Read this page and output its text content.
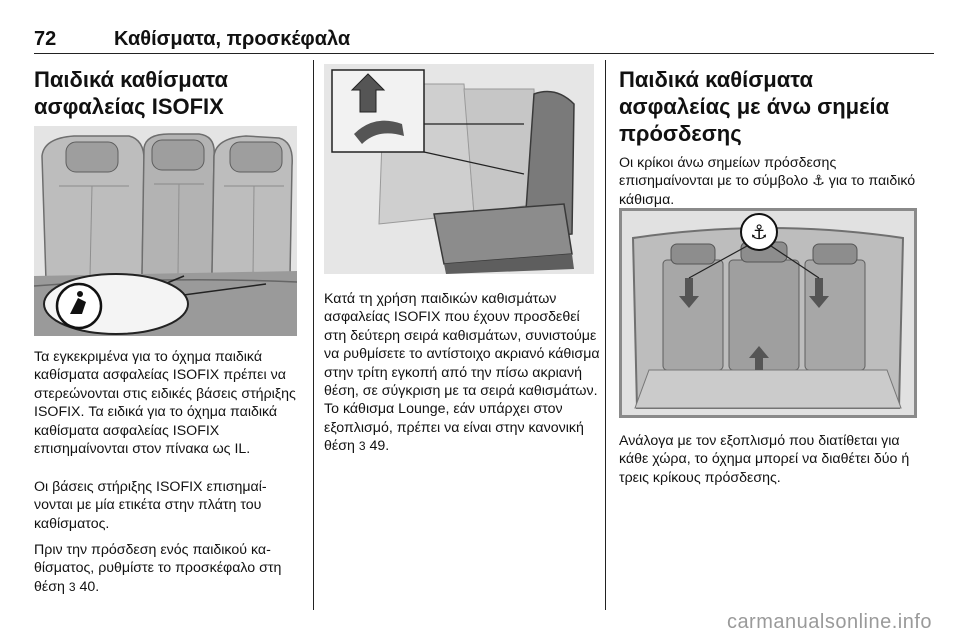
72	Καθίσματα, προσκέφαλα
Παιδικά καθίσματα
ασφαλείας ISOFIX

Τα εγκεκριμένα για το όχημα παιδικά καθίσματα ασφαλείας ISOFIX πρέπει να στερεώνονται στις ειδικές βάσεις στήριξης ISOFIX. Τα ειδικά για το όχημα παιδικά καθίσματα ασφαλείας ISOFIX επισημαίνονται στον πίνακα ως IL.

Οι βάσεις στήριξης ISOFIX επισημαίνονται με μία ετικέτα στην πλάτη του καθίσματος.

Πριν την πρόσδεση ενός παιδικού καθίσματος, ρυθμίστε το προσκέφαλο στη θέση 3 40.

Κατά τη χρήση παιδικών καθισμάτων ασφαλείας ISOFIX που έχουν προσδεθεί στη δεύτερη σειρά καθισμάτων, συνιστούμε να ρυθμίσετε το αντίστοιχο ακριανό κάθισμα στην τρίτη εγκοπή από την πίσω ακριανή θέση, σε σύγκριση με τα σειρά καθισμάτων. Το κάθισμα Lounge, εάν υπάρχει στον εξοπλισμό, πρέπει να είναι στην κανονική θέση 3 49.

Παιδικά καθίσματα
ασφαλείας με άνω σημεία
πρόσδεσης

Οι κρίκοι άνω σημείων πρόσδεσης επισημαίνονται με το σύμβολο ⚓ για το παιδικό κάθισμα.

⚓

Ανάλογα με τον εξοπλισμό που διατίθεται για κάθε χώρα, το όχημα μπορεί να διαθέτει δύο ή τρεις κρίκους πρόσδεσης.

carmanualsonline.info
